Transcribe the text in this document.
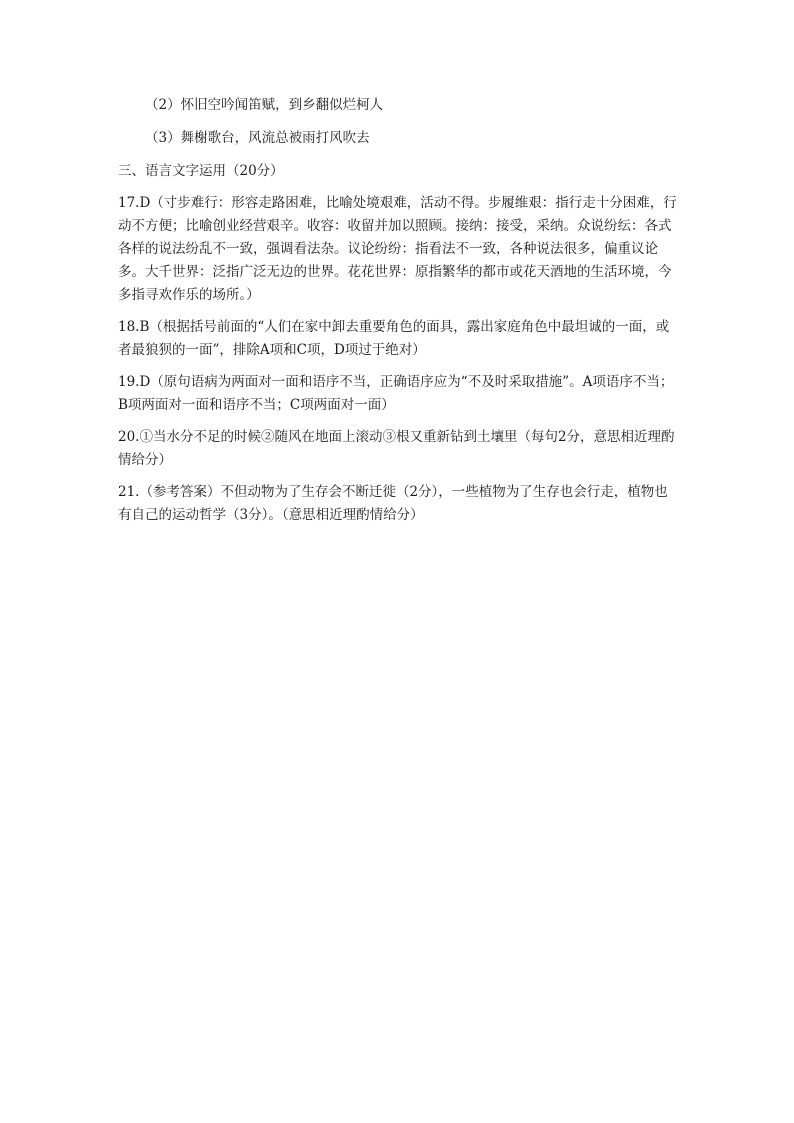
（2）怀旧空吟闻笛赋，到乡翻似烂柯人

（3）舞榭歌台，风流总被雨打风吹去

三、语言文字运用（20分）

17.D（寸步难行：形容走路困难，比喻处境艰难，活动不得。步履维艰：指行走十分困难，行动不方便；比喻创业经营艰辛。收容：收留并加以照顾。接纳：接受，采纳。众说纷纭：各式各样的说法纷乱不一致，强调看法杂。议论纷纷：指看法不一致，各种说法很多，偏重议论多。大千世界：泛指广泛无边的世界。花花世界：原指繁华的都市或花天酒地的生活环境，今多指寻欢作乐的场所。）

18.B（根据括号前面的“人们在家中卸去重要角色的面具，露出家庭角色中最坦诚的一面，或者最狼狈的一面”，排除A项和C项，D项过于绝对）

19.D（原句语病为两面对一面和语序不当，正确语序应为“不及时采取措施”。A项语序不当；B项两面对一面和语序不当；C项两面对一面）

20.①当水分不足的时候②随风在地面上滚动③根又重新钻到土壤里（每句2分，意思相近理酌情给分）

21.（参考答案）不但动物为了生存会不断迁徙（2分），一些植物为了生存也会行走，植物也有自己的运动哲学（3分）。（意思相近理酌情给分）
